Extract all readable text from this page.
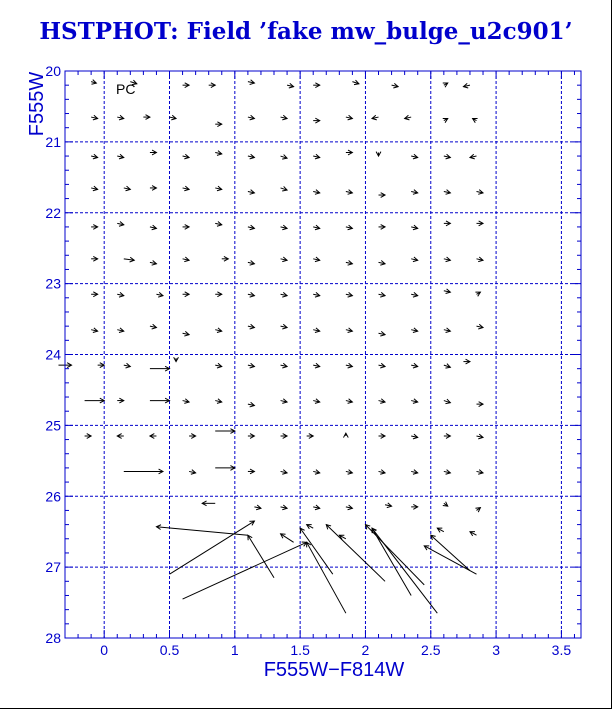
HSTPHOT: Field ’fake mw_bulge_u2c901’
0	0.5	1	1.5	2	2.5	3	3.5
20
21
22
23
24
25
26
27
28
PC
F555W−F814W
F555W
